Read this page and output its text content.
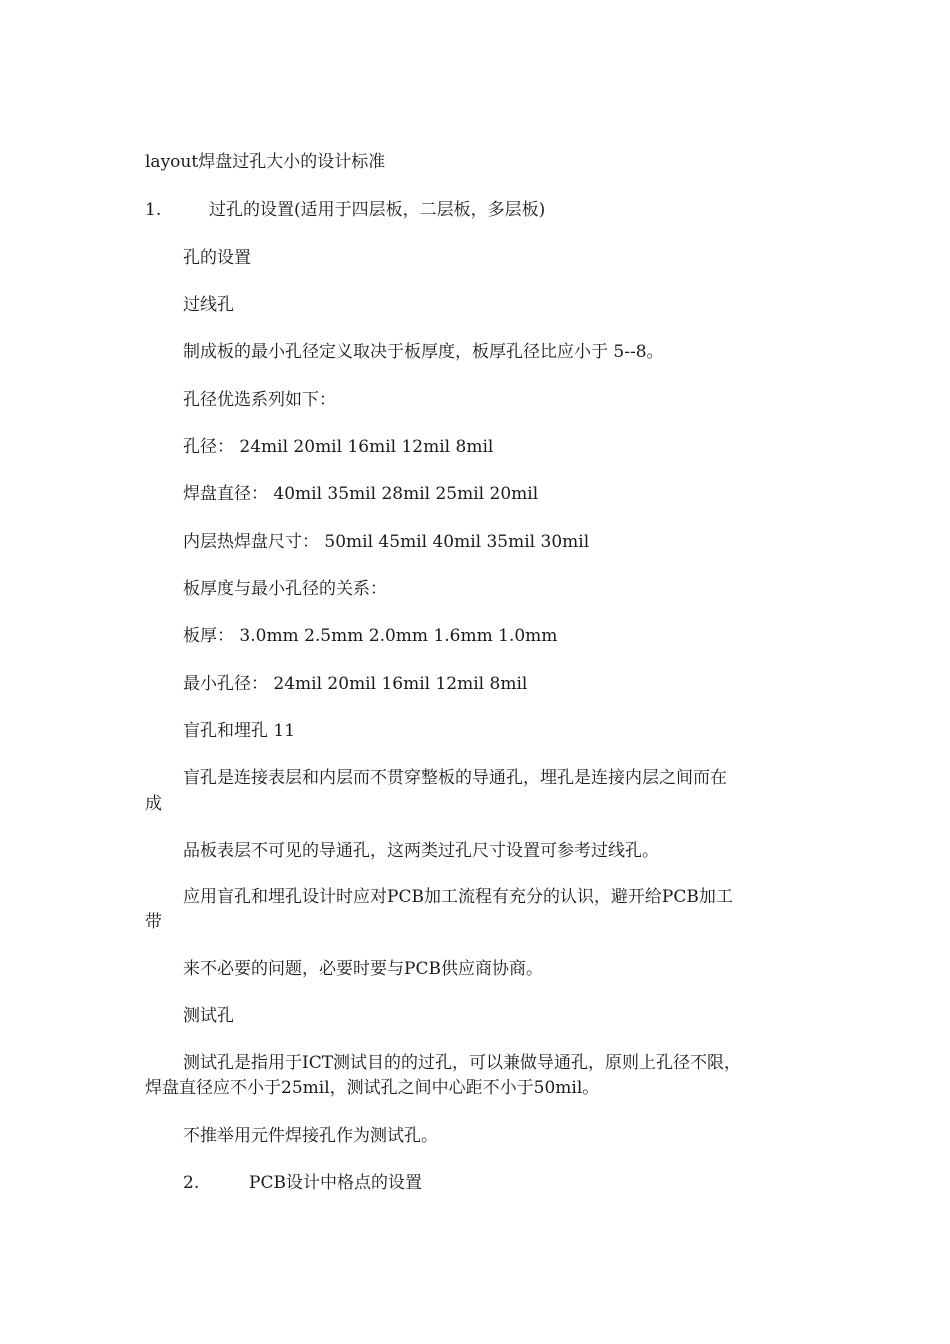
layout焊盘过孔大小的设计标准
1.	过孔的设置(适用于四层板，二层板，多层板)
孔的设置
过线孔
制成板的最小孔径定义取决于板厚度，板厚孔径比应小于 5--8。
孔径优选系列如下：
孔径： 24mil 20mil 16mil 12mil 8mil
焊盘直径： 40mil 35mil 28mil 25mil 20mil
内层热焊盘尺寸： 50mil 45mil 40mil 35mil 30mil
板厚度与最小孔径的关系：
板厚： 3.0mm 2.5mm 2.0mm 1.6mm 1.0mm
最小孔径： 24mil 20mil 16mil 12mil 8mil
盲孔和埋孔 11
盲孔是连接表层和内层而不贯穿整板的导通孔，埋孔是连接内层之间而在
成
品板表层不可见的导通孔，这两类过孔尺寸设置可参考过线孔。
应用盲孔和埋孔设计时应对PCB加工流程有充分的认识，避开给PCB加工
带
来不必要的问题，必要时要与PCB供应商协商。
测试孔
测试孔是指用于ICT测试目的的过孔，可以兼做导通孔，原则上孔径不限，
焊盘直径应不小于25mil，测试孔之间中心距不小于50mil。
不推举用元件焊接孔作为测试孔。
2.	PCB设计中格点的设置
